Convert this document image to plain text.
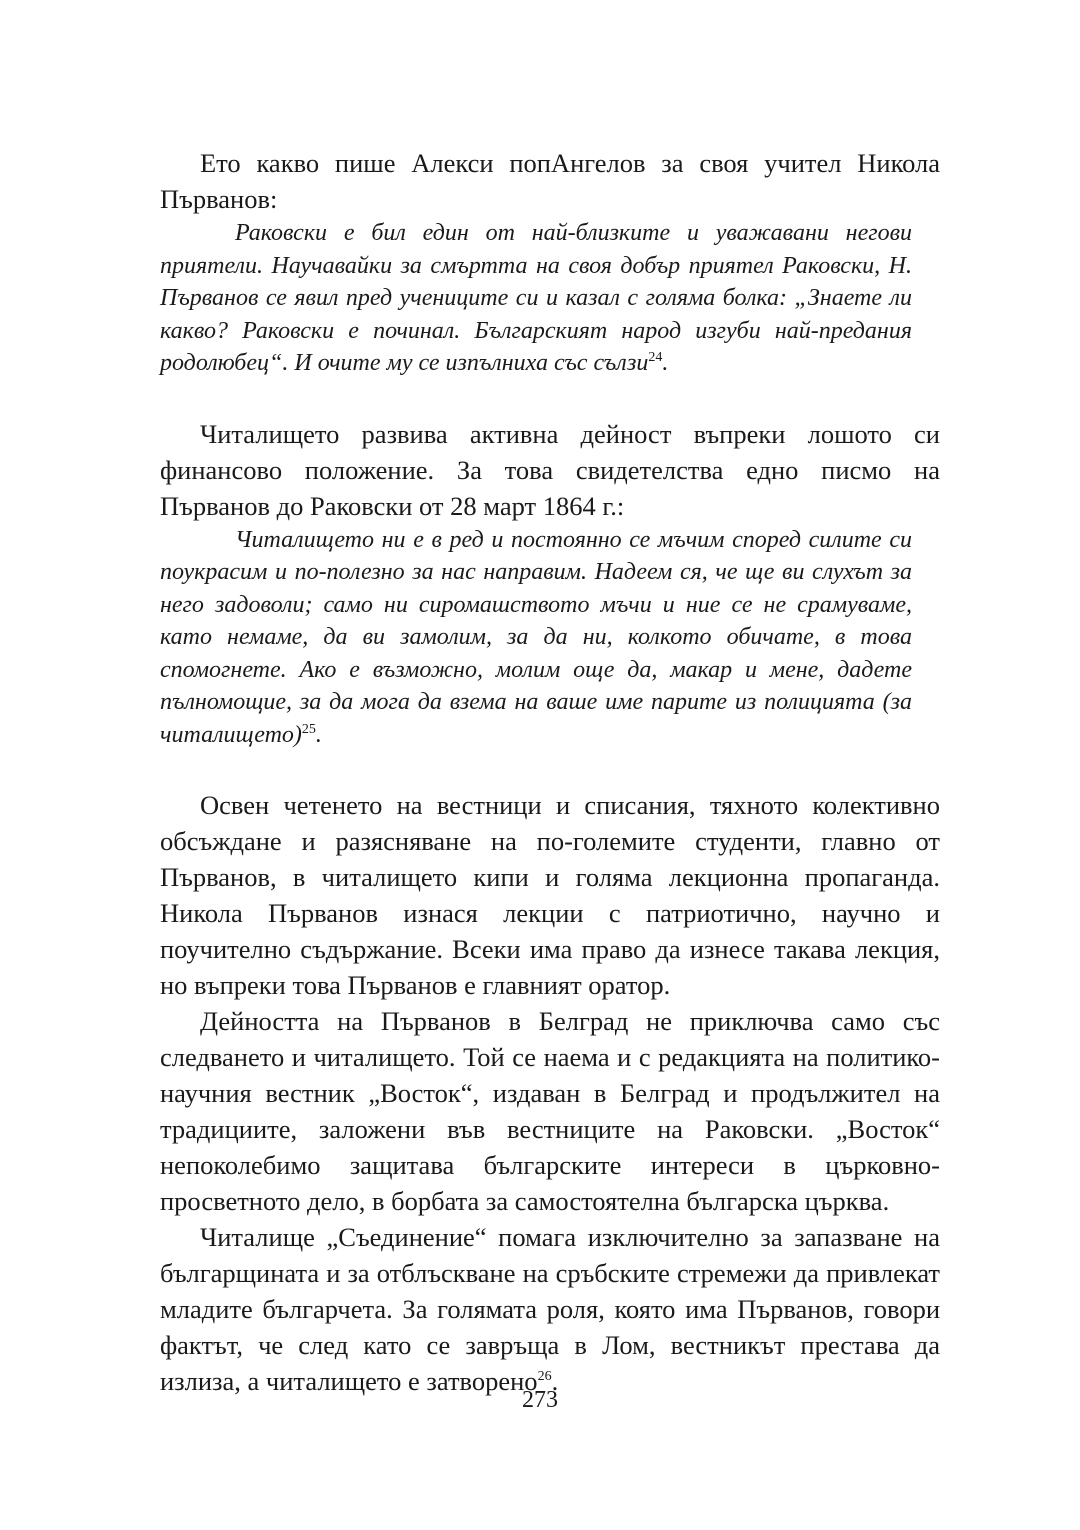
Ето какво пише Алекси попАнгелов за своя учител Никола Първанов:

Раковски е бил един от най-близките и уважавани негови приятели. Научавайки за смъртта на своя добър приятел Раковски, Н. Първанов се явил пред учениците си и казал с голяма болка: „Знаете ли какво? Раковски е починал. Българският народ изгуби най-предания родолюбец“. И очите му се изпълниха със сълзи$^{24}$.

Читалището развива активна дейност въпреки лошото си финансово положение. За това свидетелства едно писмо на Първанов до Раковски от 28 март 1864 г.:

Читалището ни е в ред и постоянно се мъчим според силите си поукрасим и по-полезно за нас направим. Надеем ся, че ще ви слухът за него задоволи; само ни сиромашството мъчи и ние се не срамуваме, като немаме, да ви замолим, за да ни, колкото обичате, в това спомогнете. Ако е възможно, молим още да, макар и мене, дадете пълномощие, за да мога да взема на ваше име парите из полицията (за читалището)$^{25}$.

Освен четенето на вестници и списания, тяхното колективно обсъждане и разясняване на по-големите студенти, главно от Първанов, в читалището кипи и голяма лекционна пропаганда. Никола Първанов изнася лекции с патриотично, научно и поучително съдържание. Всеки има право да изнесе такава лекция, но въпреки това Първанов е главният оратор.

Дейността на Първанов в Белград не приключва само със следването и читалището. Той се наема и с редакцията на политико-научния вестник „Восток“, издаван в Белград и продължител на традициите, заложени във вестниците на Раковски. „Восток“ непоколебимо защитава българските интереси в църковно-просветното дело, в борбата за самостоятелна българска църква.

Читалище „Съединение“ помага изключително за запазване на българщината и за отблъскване на сръбските стремежи да привлекат младите българчета. За голямата роля, която има Първанов, говори фактът, че след като се завръща в Лом, вестникът престава да излиза, а читалището е затворено$^{26}$.

273
